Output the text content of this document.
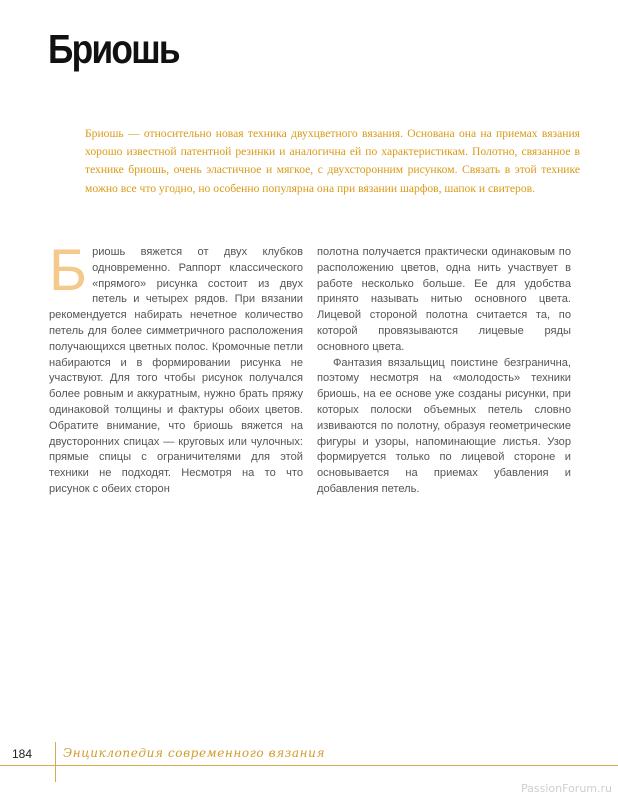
Бриошь

Бриошь — относительно новая техника двухцветного вязания. Основана она на приемах вязания хорошо известной патентной резинки и аналогична ей по характеристикам. Полотно, связанное в технике бриошь, очень эластичное и мягкое, с двухсторонним рисунком. Связать в этой технике можно все что угодно, но особенно популярна она при вязании шарфов, шапок и свитеров.

Бриошь вяжется от двух клубков одновременно. Раппорт классического «прямого» рисунка состоит из двух петель и четырех рядов. При вязании рекомендуется набирать нечетное количество петель для более симметричного расположения получающихся цветных полос. Кромочные петли набираются и в формировании рисунка не участвуют. Для того чтобы рисунок получался более ровным и аккуратным, нужно брать пряжу одинаковой толщины и фактуры обоих цветов. Обратите внимание, что бриошь вяжется на двусторонних спицах — круговых или чулочных: прямые спицы с ограничителями для этой техники не подходят. Несмотря на то что рисунок с обеих сторон

полотна получается практически одинаковым по расположению цветов, одна нить участвует в работе несколько больше. Ее для удобства принято называть нитью основного цвета. Лицевой стороной полотна считается та, по которой провязываются лицевые ряды основного цвета.

Фантазия вязальщиц поистине безгранична, поэтому несмотря на «молодость» техники бриошь, на ее основе уже созданы рисунки, при которых полоски объемных петель словно извиваются по полотну, образуя геометрические фигуры и узоры, напоминающие листья. Узор формируется только по лицевой стороне и основывается на приемах убавления и добавления петель.

184	Энциклопедия современного вязания
PassionForum.ru
